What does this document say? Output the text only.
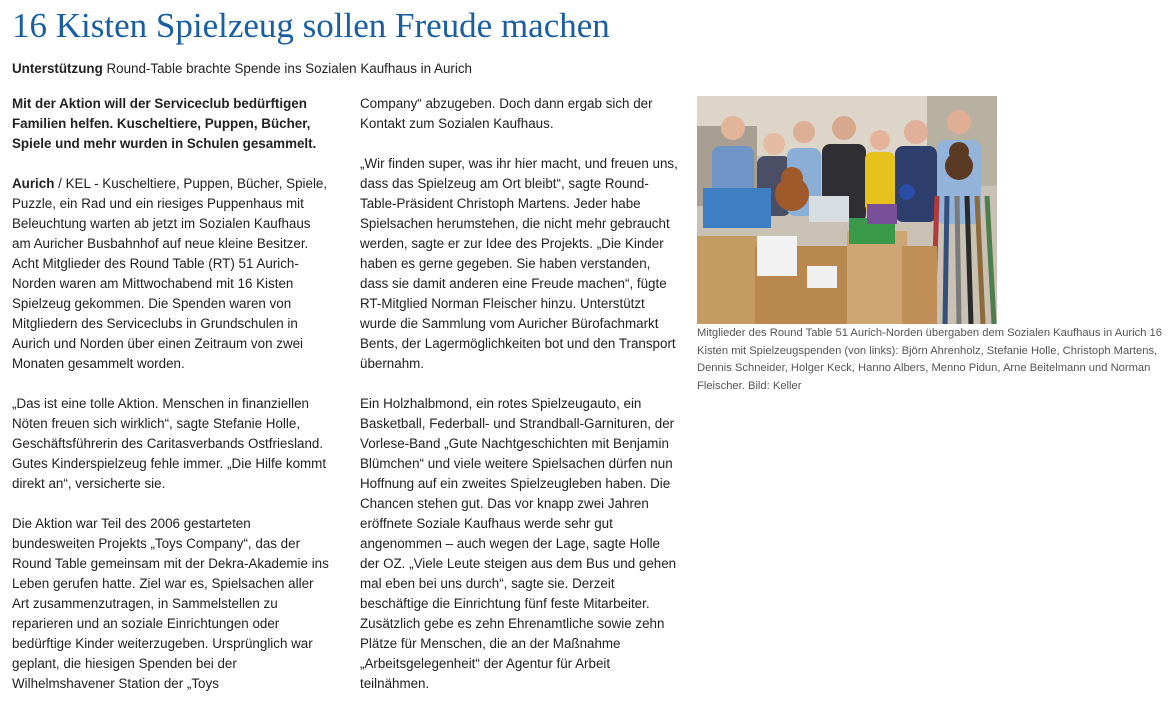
16 Kisten Spielzeug sollen Freude machen
Unterstützung Round-Table brachte Spende ins Sozialen Kaufhaus in Aurich

Mit der Aktion will der Serviceclub bedürftigen Familien helfen. Kuscheltiere, Puppen, Bücher, Spiele und mehr wurden in Schulen gesammelt.

Aurich / KEL - Kuscheltiere, Puppen, Bücher, Spiele, Puzzle, ein Rad und ein riesiges Puppenhaus mit Beleuchtung warten ab jetzt im Sozialen Kaufhaus am Auricher Busbahnhof auf neue kleine Besitzer. Acht Mitglieder des Round Table (RT) 51 Aurich-Norden waren am Mittwochabend mit 16 Kisten Spielzeug gekommen. Die Spenden waren von Mitgliedern des Serviceclubs in Grundschulen in Aurich und Norden über einen Zeitraum von zwei Monaten gesammelt worden.

„Das ist eine tolle Aktion. Menschen in finanziellen Nöten freuen sich wirklich“, sagte Stefanie Holle, Geschäftsführerin des Caritasverbands Ostfriesland. Gutes Kinderspielzeug fehle immer. „Die Hilfe kommt direkt an“, versicherte sie.

Die Aktion war Teil des 2006 gestarteten bundesweiten Projekts „Toys Company“, das der Round Table gemeinsam mit der Dekra-Akademie ins Leben gerufen hatte. Ziel war es, Spielsachen aller Art zusammenzutragen, in Sammelstellen zu reparieren und an soziale Einrichtungen oder bedürftige Kinder weiterzugeben. Ursprünglich war geplant, die hiesigen Spenden bei der Wilhelmshavener Station der „Toys

Company“ abzugeben. Doch dann ergab sich der Kontakt zum Sozialen Kaufhaus.

„Wir finden super, was ihr hier macht, und freuen uns, dass das Spielzeug am Ort bleibt“, sagte Round-Table-Präsident Christoph Martens. Jeder habe Spielsachen herumstehen, die nicht mehr gebraucht werden, sagte er zur Idee des Projekts. „Die Kinder haben es gerne gegeben. Sie haben verstanden, dass sie damit anderen eine Freude machen“, fügte RT-Mitglied Norman Fleischer hinzu. Unterstützt wurde die Sammlung vom Auricher Bürofachmarkt Bents, der Lagermöglichkeiten bot und den Transport übernahm.

Ein Holzhalbmond, ein rotes Spielzeugauto, ein Basketball, Federball- und Strandball-Garnituren, der Vorlese-Band „Gute Nachtgeschichten mit Benjamin Blümchen“ und viele weitere Spielsachen dürfen nun Hoffnung auf ein zweites Spielzeugleben haben. Die Chancen stehen gut. Das vor knapp zwei Jahren eröffnete Soziale Kaufhaus werde sehr gut angenommen – auch wegen der Lage, sagte Holle der OZ. „Viele Leute steigen aus dem Bus und gehen mal eben bei uns durch“, sagte sie. Derzeit beschäftige die Einrichtung fünf feste Mitarbeiter. Zusätzlich gebe es zehn Ehrenamtliche sowie zehn Plätze für Menschen, die an der Maßnahme „Arbeitsgelegenheit“ der Agentur für Arbeit teilnähmen.

Mitglieder des Round Table 51 Aurich-Norden übergaben dem Sozialen Kaufhaus in Aurich 16 Kisten mit Spielzeugspenden (von links): Björn Ahrenholz, Stefanie Holle, Christoph Martens, Dennis Schneider, Holger Keck, Hanno Albers, Menno Pidun, Arne Beitelmann und Norman Fleischer. Bild: Keller
